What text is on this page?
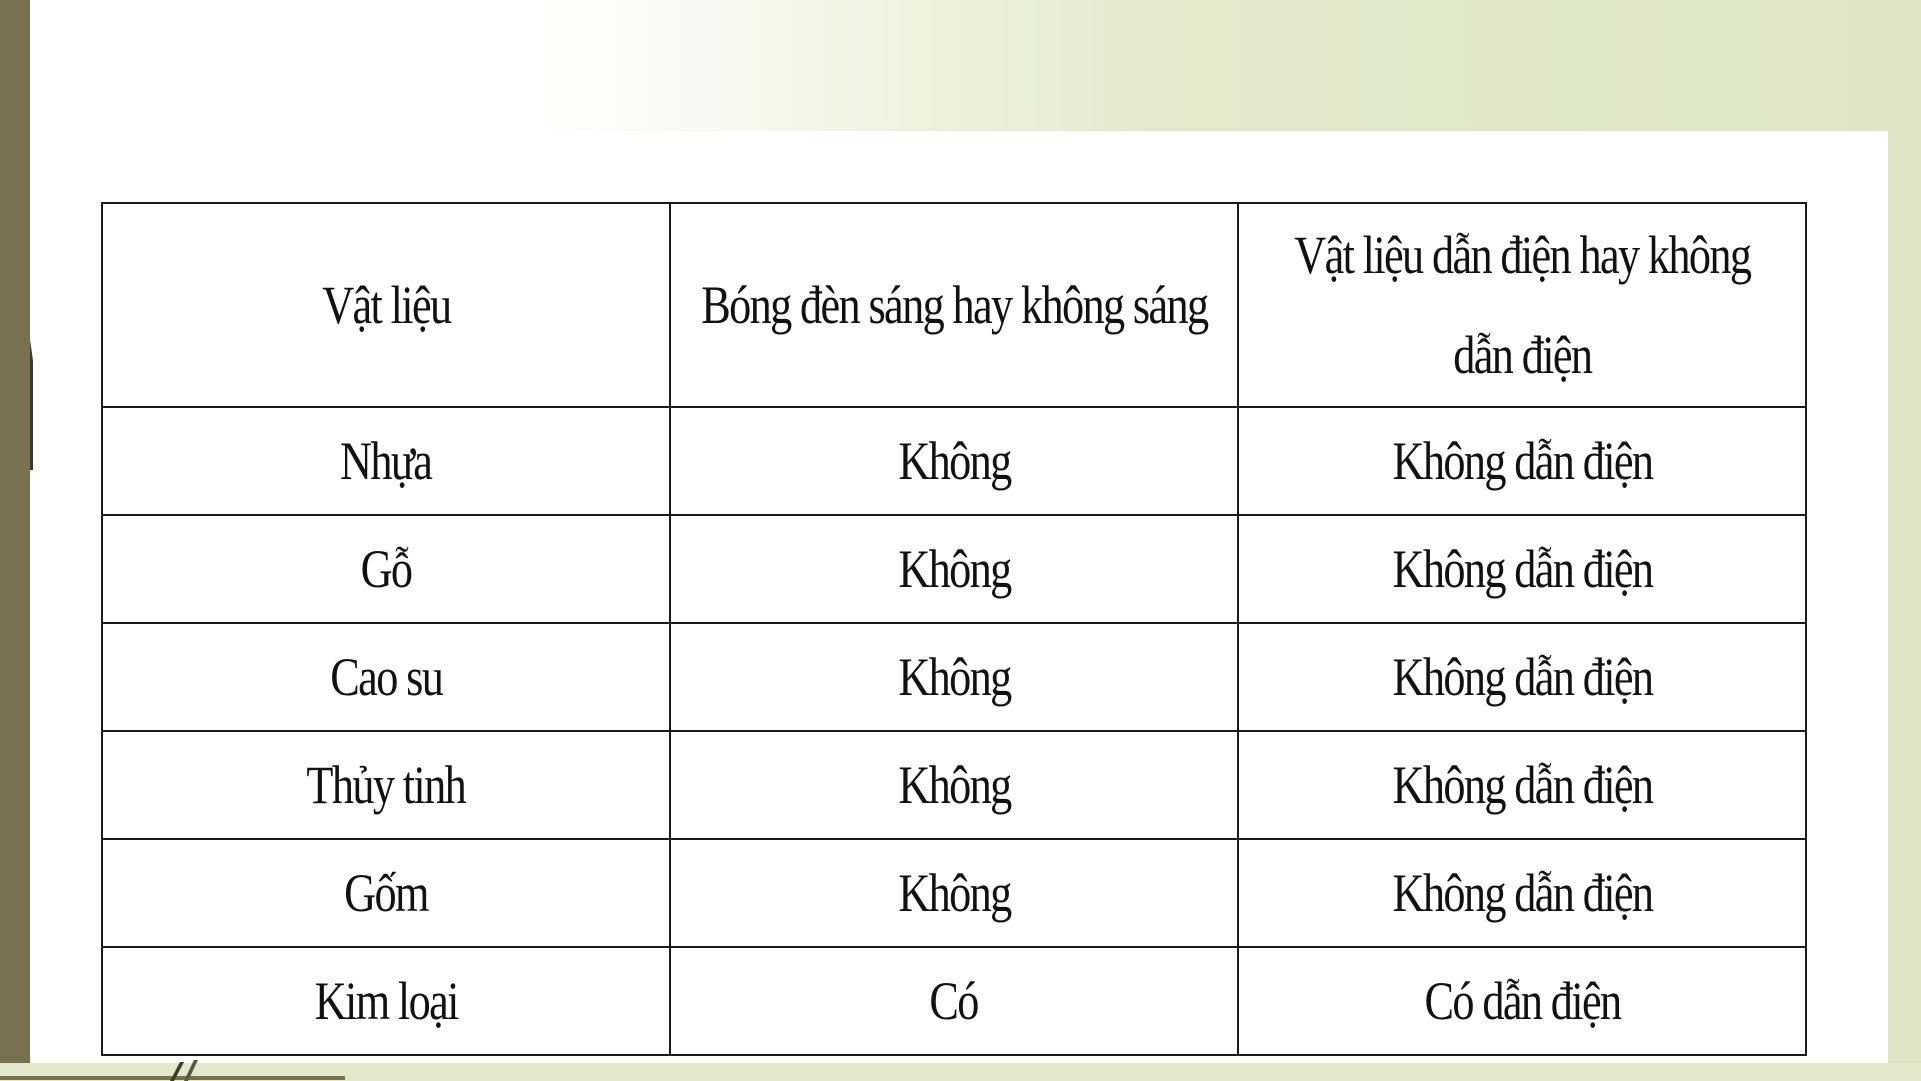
Vật liệu	Bóng đèn sáng hay không sáng	Vật liệu dẫn điện hay không dẫn điện
Nhựa	Không	Không dẫn điện
Gỗ	Không	Không dẫn điện
Cao su	Không	Không dẫn điện
Thủy tinh	Không	Không dẫn điện
Gốm	Không	Không dẫn điện
Kim loại	Có	Có dẫn điện
